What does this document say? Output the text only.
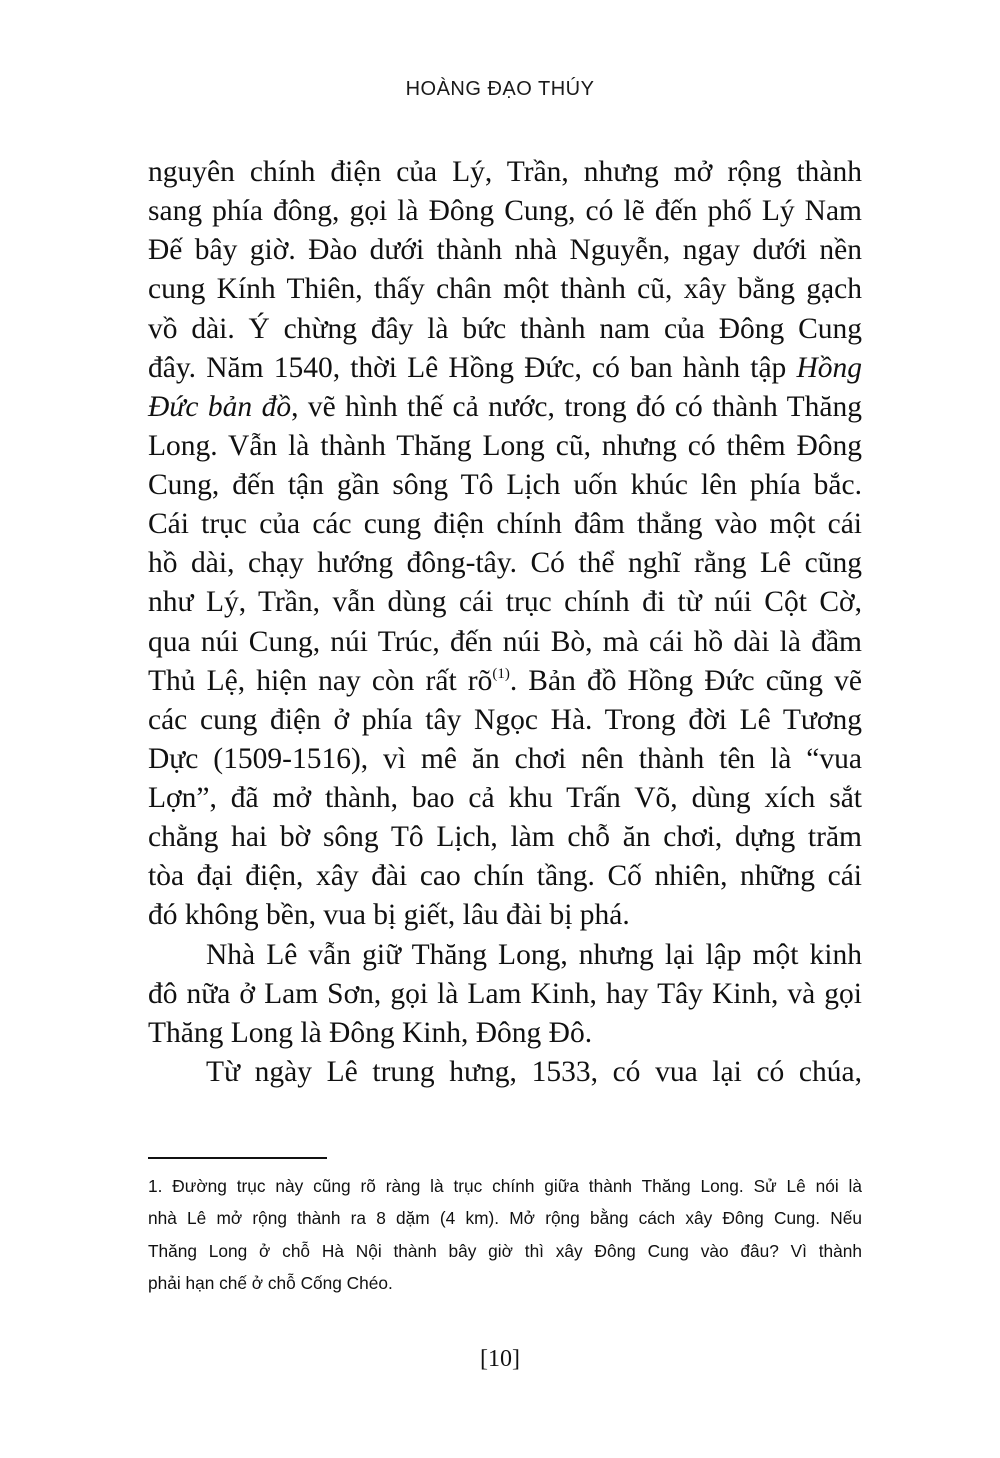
HOÀNG ĐẠO THÚY
nguyên chính điện của Lý, Trần, nhưng mở rộng thành
sang phía đông, gọi là Đông Cung, có lẽ đến phố Lý Nam
Đế bây giờ. Đào dưới thành nhà Nguyễn, ngay dưới nền
cung Kính Thiên, thấy chân một thành cũ, xây bằng gạch
vồ dài. Ý chừng đây là bức thành nam của Đông Cung
đây. Năm 1540, thời Lê Hồng Đức, có ban hành tập Hồng
Đức bản đồ, vẽ hình thế cả nước, trong đó có thành Thăng
Long. Vẫn là thành Thăng Long cũ, nhưng có thêm Đông
Cung, đến tận gần sông Tô Lịch uốn khúc lên phía bắc.
Cái trục của các cung điện chính đâm thẳng vào một cái
hồ dài, chạy hướng đông-tây. Có thể nghĩ rằng Lê cũng
như Lý, Trần, vẫn dùng cái trục chính đi từ núi Cột Cờ,
qua núi Cung, núi Trúc, đến núi Bò, mà cái hồ dài là đầm
Thủ Lệ, hiện nay còn rất $rõ^{(1)}$. Bản đồ Hồng Đức cũng vẽ
các cung điện ở phía tây Ngọc Hà. Trong đời Lê Tương
Dực (1509-1516), vì mê ăn chơi nên thành tên là “vua
Lợn”, đã mở thành, bao cả khu Trấn Võ, dùng xích sắt
chằng hai bờ sông Tô Lịch, làm chỗ ăn chơi, dựng trăm
tòa đại điện, xây đài cao chín tầng. Cố nhiên, những cái
đó không bền, vua bị giết, lâu đài bị phá.
Nhà Lê vẫn giữ Thăng Long, nhưng lại lập một kinh
đô nữa ở Lam Sơn, gọi là Lam Kinh, hay Tây Kinh, và gọi
Thăng Long là Đông Kinh, Đông Đô.
Từ ngày Lê trung hưng, 1533, có vua lại có chúa,
1. Đường trục này cũng rõ ràng là trục chính giữa thành Thăng Long. Sử Lê nói là
nhà Lê mở rộng thành ra 8 dặm (4 km). Mở rộng bằng cách xây Đông Cung. Nếu
Thăng Long ở chỗ Hà Nội thành bây giờ thì xây Đông Cung vào đâu? Vì thành
phải hạn chế ở chỗ Cống Chéo.
[10]
